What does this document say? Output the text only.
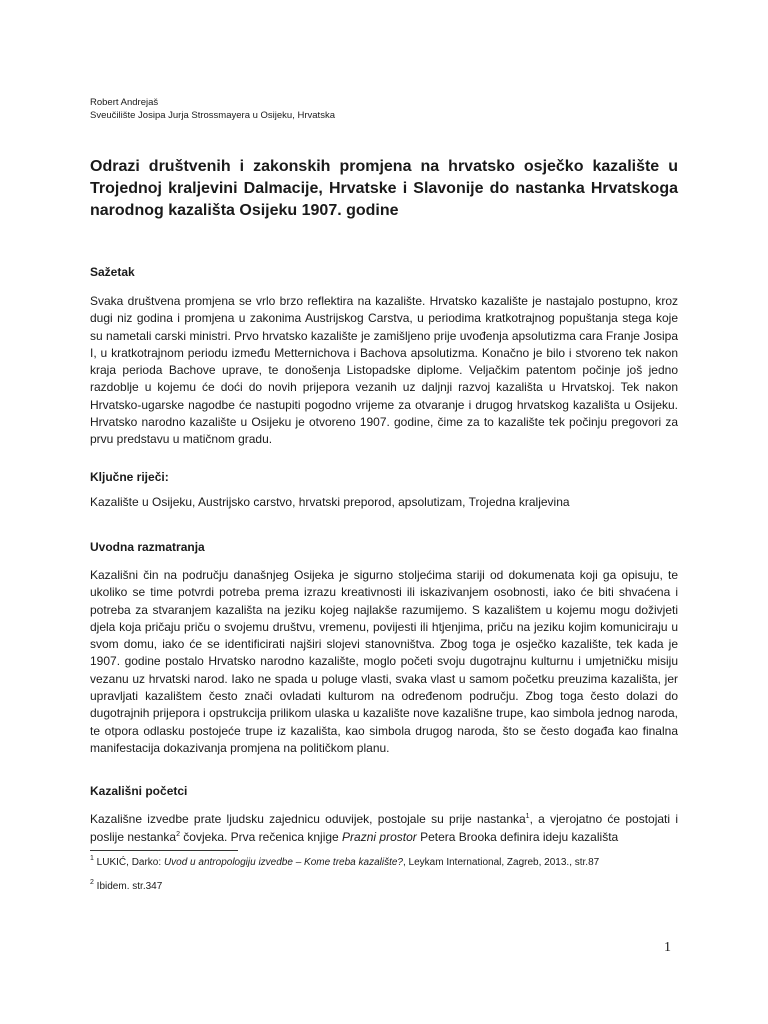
Robert Andrejaš
Sveučilište Josipa Jurja Strossmayera u Osijeku, Hrvatska
Odrazi društvenih i zakonskih promjena na hrvatsko osječko kazalište u Trojednoj kraljevini Dalmacije, Hrvatske i Slavonije do nastanka Hrvatskoga narodnog kazališta Osijeku 1907. godine
Sažetak
Svaka društvena promjena se vrlo brzo reflektira na kazalište. Hrvatsko kazalište je nastajalo postupno, kroz dugi niz godina i promjena u zakonima Austrijskog Carstva, u periodima kratkotrajnog popuštanja stega koje su nametali carski ministri. Prvo hrvatsko kazalište je zamišljeno prije uvođenja apsolutizma cara Franje Josipa I, u kratkotrajnom periodu između Metternichova i Bachova apsolutizma. Konačno je bilo i stvoreno tek nakon kraja perioda Bachove uprave, te donošenja Listopadske diplome. Veljačkim patentom počinje još jedno razdoblje u kojemu će doći do novih prijepora vezanih uz daljnji razvoj kazališta u Hrvatskoj. Tek nakon Hrvatsko-ugarske nagodbe će nastupiti pogodno vrijeme za otvaranje i drugog hrvatskog kazališta u Osijeku. Hrvatsko narodno kazalište u Osijeku je otvoreno 1907. godine, čime za to kazalište tek počinju pregovori za prvu predstavu u matičnom gradu.
Ključne riječi:
Kazalište u Osijeku, Austrijsko carstvo, hrvatski preporod, apsolutizam, Trojedna kraljevina
Uvodna razmatranja
Kazališni čin na području današnjeg Osijeka je sigurno stoljećima stariji od dokumenata koji ga opisuju, te ukoliko se time potvrdi potreba prema izrazu kreativnosti ili iskazivanjem osobnosti, iako će biti shvaćena i potreba za stvaranjem kazališta na jeziku kojeg najlakše razumijemo. S kazalištem u kojemu mogu doživjeti djela koja pričaju priču o svojemu društvu, vremenu, povijesti ili htjenjima, priču na jeziku kojim komuniciraju u svom domu, iako će se identificirati najširi slojevi stanovništva. Zbog toga je osječko kazalište, tek kada je 1907. godine postalo Hrvatsko narodno kazalište, moglo početi svoju dugotrajnu kulturnu i umjetničku misiju vezanu uz hrvatski narod. Iako ne spada u poluge vlasti, svaka vlast u samom početku preuzima kazališta, jer upravljati kazalištem često znači ovladati kulturom na određenom području. Zbog toga često dolazi do dugotrajnih prijepora i opstrukcija prilikom ulaska u kazalište nove kazališne trupe, kao simbola jednog naroda, te otpora odlasku postojeće trupe iz kazališta, kao simbola drugog naroda, što se često događa kao finalna manifestacija dokazivanja promjena na političkom planu.
Kazališni početci
Kazališne izvedbe prate ljudsku zajednicu oduvijek, postojale su prije nastanka$^1$, a vjerojatno će postojati i poslije nestanka$^2$ čovjeka. Prva rečenica knjige Prazni prostor Petera Brooka definira ideju kazališta
$^1$ LUKIĆ, Darko: Uvod u antropologiju izvedbe – Kome treba kazalište?, Leykam International, Zagreb, 2013., str.87
$^2$ Ibidem. str.347
1
